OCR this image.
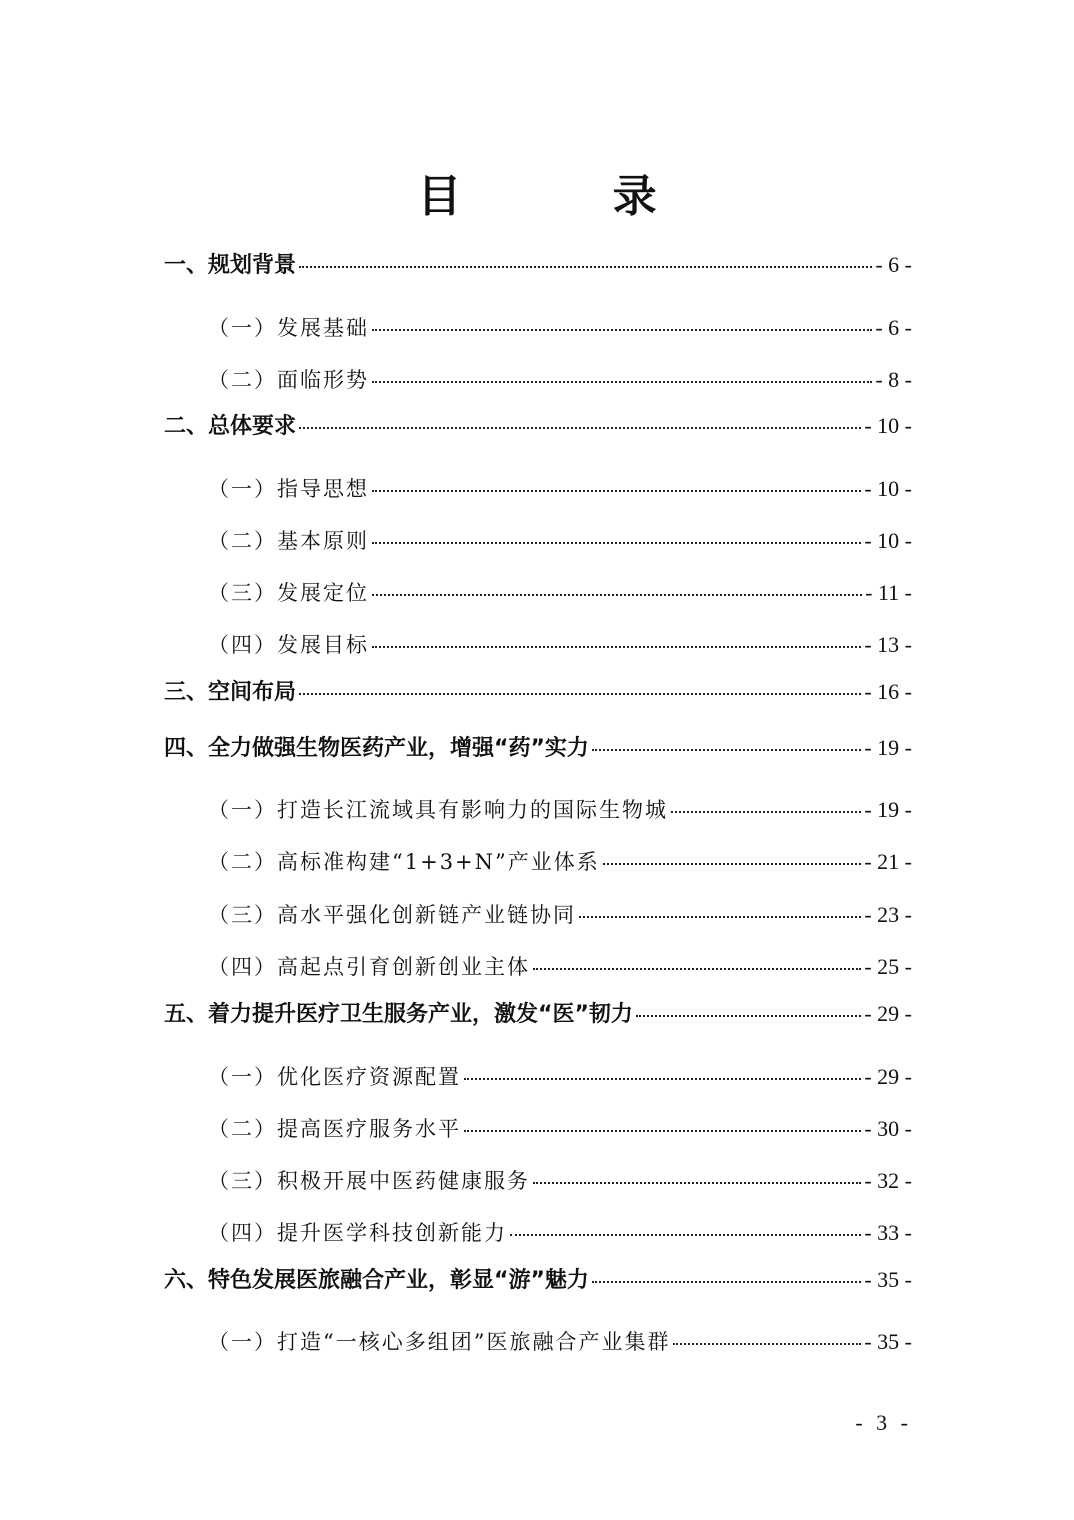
目 录
一、规划背景	- 6 -
（一）发展基础	- 6 -
（二）面临形势	- 8 -
二、总体要求	- 10 -
（一）指导思想	- 10 -
（二）基本原则	- 10 -
（三）发展定位	- 11 -
（四）发展目标	- 13 -
三、空间布局	- 16 -
四、全力做强生物医药产业，增强“药”实力	- 19 -
（一）打造长江流域具有影响力的国际生物城	- 19 -
（二）高标准构建“1+3+N”产业体系	- 21 -
（三）高水平强化创新链产业链协同	- 23 -
（四）高起点引育创新创业主体	- 25 -
五、着力提升医疗卫生服务产业，激发“医”韧力	- 29 -
（一）优化医疗资源配置	- 29 -
（二）提高医疗服务水平	- 30 -
（三）积极开展中医药健康服务	- 32 -
（四）提升医学科技创新能力	- 33 -
六、特色发展医旅融合产业，彰显“游”魅力	- 35 -
（一）打造“一核心多组团”医旅融合产业集群	- 35 -
- 3 -
